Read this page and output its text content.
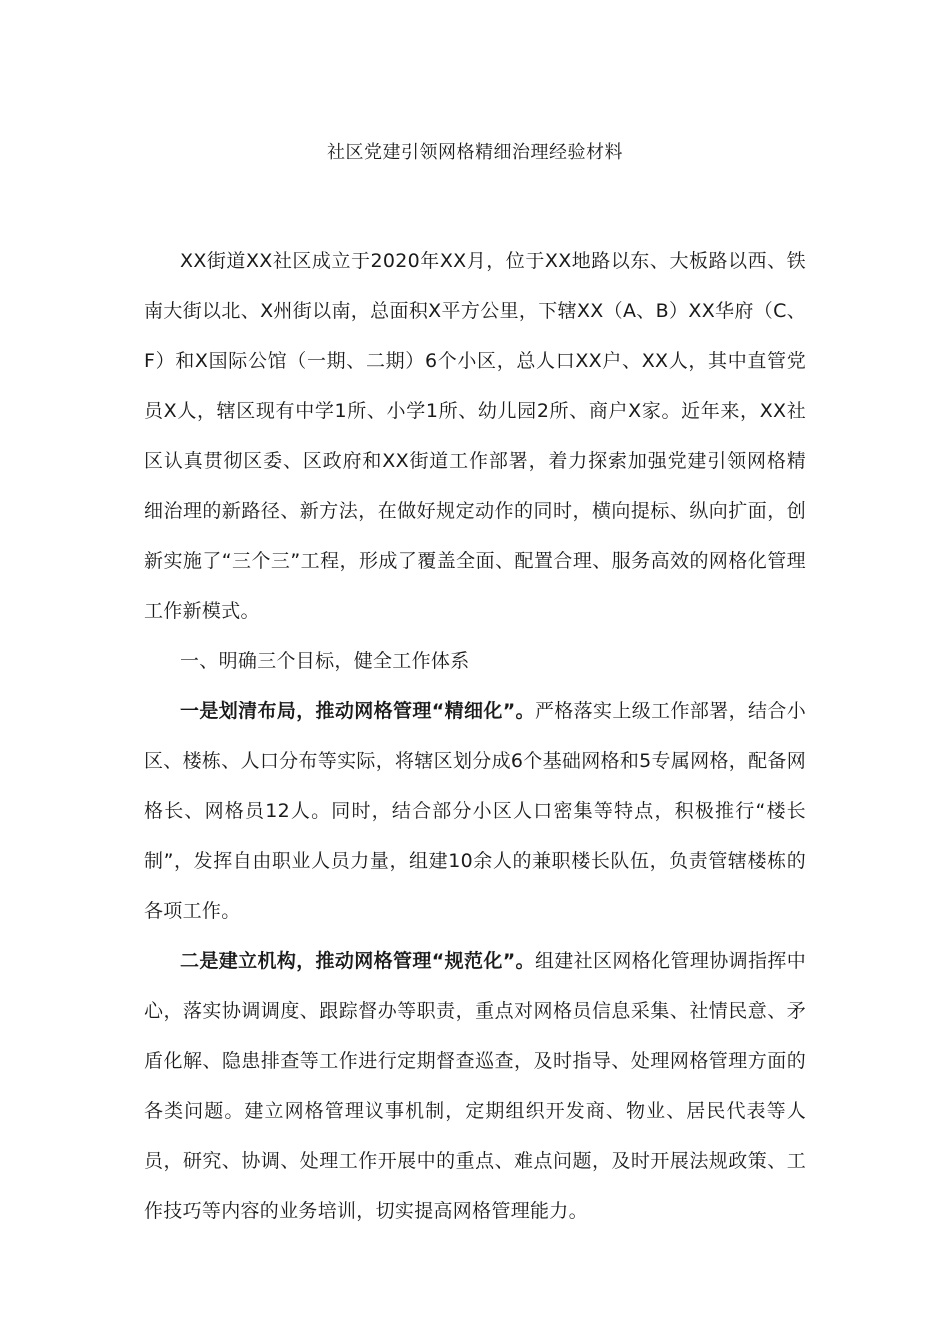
社区党建引领网格精细治理经验材料

XX街道XX社区成立于2020年XX月，位于XX地路以东、大板路以西、铁南大街以北、X州街以南，总面积X平方公里，下辖XX（A、B）XX华府（C、F）和X国际公馆（一期、二期）6个小区，总人口XX户、XX人，其中直管党员X人，辖区现有中学1所、小学1所、幼儿园2所、商户X家。近年来，XX社区认真贯彻区委、区政府和XX街道工作部署，着力探索加强党建引领网格精细治理的新路径、新方法，在做好规定动作的同时，横向提标、纵向扩面，创新实施了“三个三”工程，形成了覆盖全面、配置合理、服务高效的网格化管理工作新模式。

一、明确三个目标，健全工作体系

一是划清布局，推动网格管理“精细化”。严格落实上级工作部署，结合小区、楼栋、人口分布等实际，将辖区划分成6个基础网格和5专属网格，配备网格长、网格员12人。同时，结合部分小区人口密集等特点，积极推行“楼长制”，发挥自由职业人员力量，组建10余人的兼职楼长队伍，负责管辖楼栋的各项工作。

二是建立机构，推动网格管理“规范化”。组建社区网格化管理协调指挥中心，落实协调调度、跟踪督办等职责，重点对网格员信息采集、社情民意、矛盾化解、隐患排查等工作进行定期督查巡查，及时指导、处理网格管理方面的各类问题。建立网格管理议事机制，定期组织开发商、物业、居民代表等人员，研究、协调、处理工作开展中的重点、难点问题，及时开展法规政策、工作技巧等内容的业务培训，切实提高网格管理能力。
